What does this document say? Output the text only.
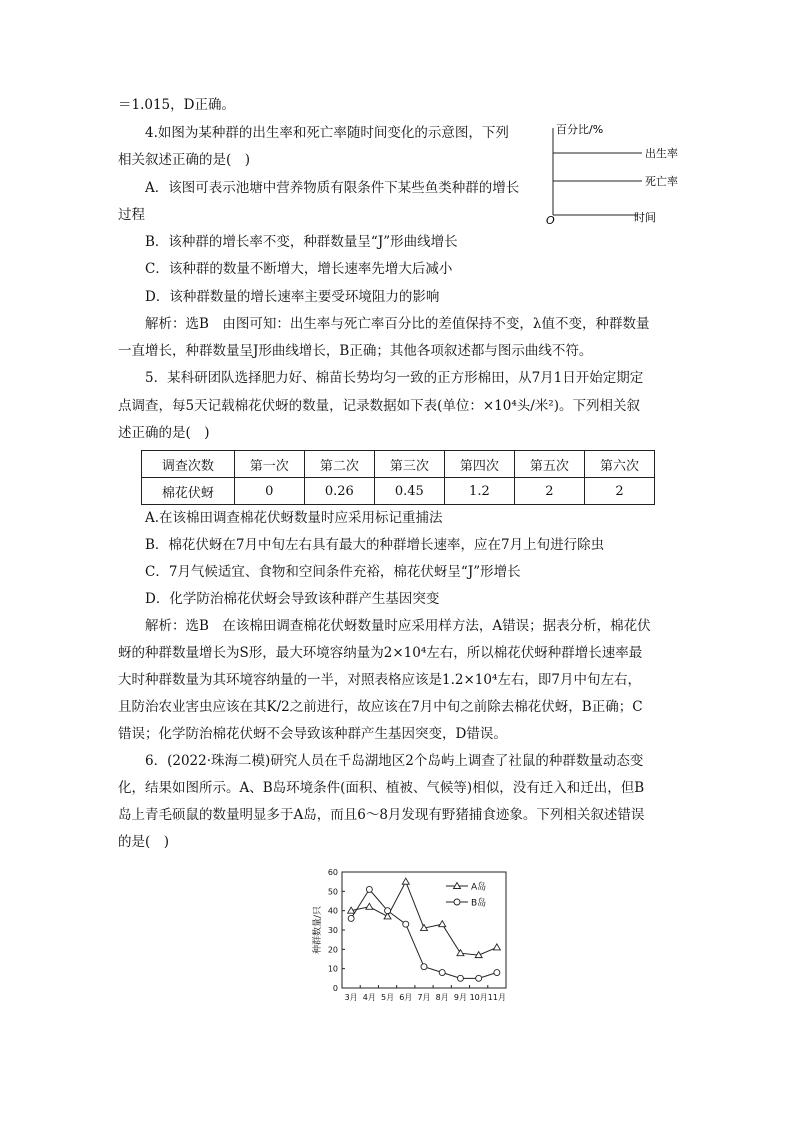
＝1.015，D正确。
4.如图为某种群的出生率和死亡率随时间变化的示意图，下列
相关叙述正确的是(　)
A．该图可表示池塘中营养物质有限条件下某些鱼类种群的增长
过程
B．该种群的增长率不变，种群数量呈“J”形曲线增长
C．该种群的数量不断增大，增长速率先增大后减小
D．该种群数量的增长速率主要受环境阻力的影响
解析：选B　由图可知：出生率与死亡率百分比的差值保持不变，λ值不变，种群数量
一直增长，种群数量呈J形曲线增长，B正确；其他各项叙述都与图示曲线不符。
5．某科研团队选择肥力好、棉苗长势均匀一致的正方形棉田，从7月1日开始定期定
点调查，每5天记载棉花伏蚜的数量，记录数据如下表(单位：×10⁴头/米²)。下列相关叙
述正确的是(　)
百分比/%
时间
O
出生率
死亡率
调查次数	第一次	第二次	第三次	第四次	第五次	第六次
棉花伏蚜	0	0.26	0.45	1.2	2	2
A.在该棉田调查棉花伏蚜数量时应采用标记重捕法
B．棉花伏蚜在7月中旬左右具有最大的种群增长速率，应在7月上旬进行除虫
C．7月气候适宜、食物和空间条件充裕，棉花伏蚜呈“J”形增长
D．化学防治棉花伏蚜会导致该种群产生基因突变
解析：选B　在该棉田调查棉花伏蚜数量时应采用样方法，A错误；据表分析，棉花伏
蚜的种群数量增长为S形，最大环境容纳量为2×10⁴左右，所以棉花伏蚜种群增长速率最
大时种群数量为其环境容纳量的一半，对照表格应该是1.2×10⁴左右，即7月中旬左右，
且防治农业害虫应该在其K/2之前进行，故应该在7月中旬之前除去棉花伏蚜，B正确；C
错误；化学防治棉花伏蚜不会导致该种群产生基因突变，D错误。
6．(2022·珠海二模)研究人员在千岛湖地区2个岛屿上调查了社鼠的种群数量动态变
化，结果如图所示。A、B岛环境条件(面积、植被、气候等)相似，没有迁入和迁出，但B
岛上青毛硕鼠的数量明显多于A岛，而且6～8月发现有野猪捕食迹象。下列相关叙述错误
的是(　)
0
10
20
30
40
50
60
3月 4月 5月 6月 7月 8月 9月 10月 11月
种群数量/只
A岛
B岛
